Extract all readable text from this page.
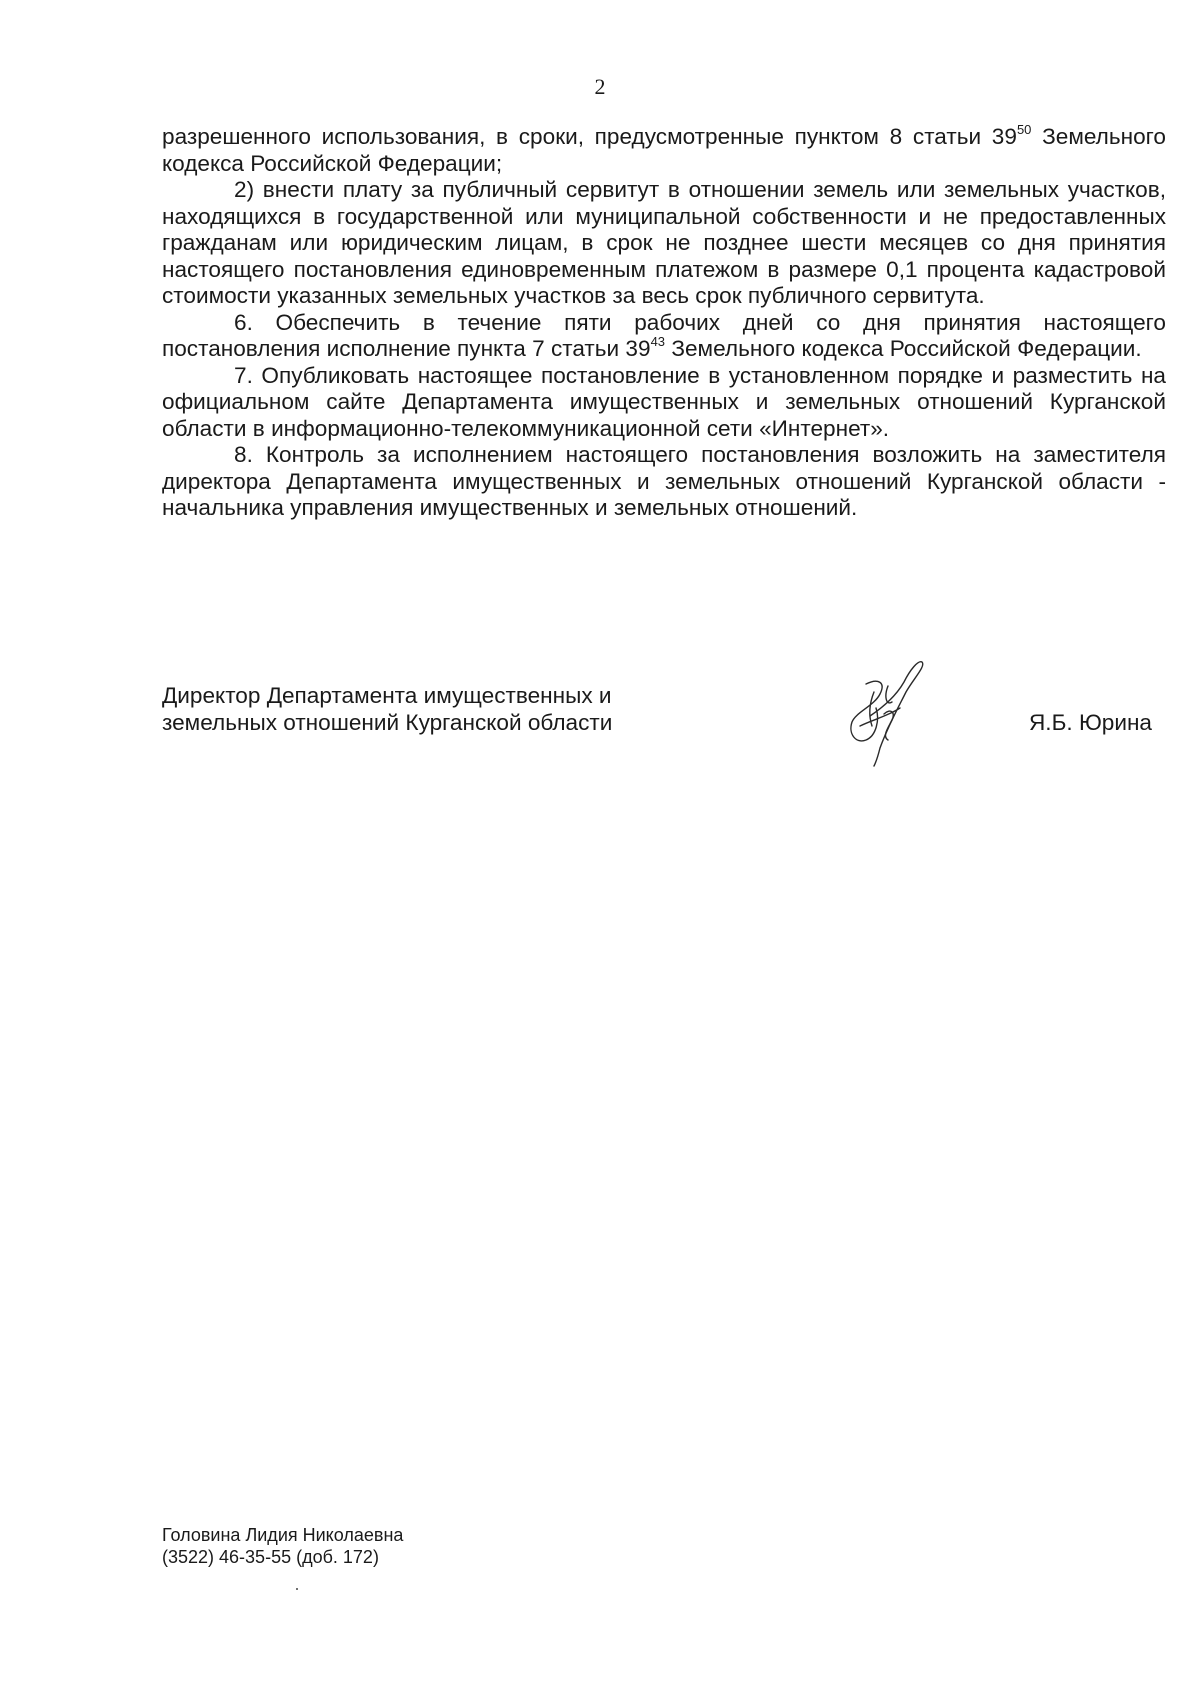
2

разрешенного использования, в сроки, предусмотренные пунктом 8 статьи $39^{50}$ Земельного кодекса Российской Федерации;

2) внести плату за публичный сервитут в отношении земель или земельных участков, находящихся в государственной или муниципальной собственности и не предоставленных гражданам или юридическим лицам, в срок не позднее шести месяцев со дня принятия настоящего постановления единовременным платежом в размере 0,1 процента кадастровой стоимости указанных земельных участков за весь срок публичного сервитута.

6. Обеспечить в течение пяти рабочих дней со дня принятия настоящего постановления исполнение пункта 7 статьи $39^{43}$ Земельного кодекса Российской Федерации.

7. Опубликовать настоящее постановление в установленном порядке и разместить на официальном сайте Департамента имущественных и земельных отношений Курганской области в информационно-телекоммуникационной сети «Интернет».

8. Контроль за исполнением настоящего постановления возложить на заместителя директора Департамента имущественных и земельных отношений Курганской области - начальника управления имущественных и земельных отношений.

Директор Департамента имущественных и
земельных отношений Курганской области	Я.Б. Юрина
Головина Лидия Николаевна
(3522) 46-35-55 (доб. 172)
